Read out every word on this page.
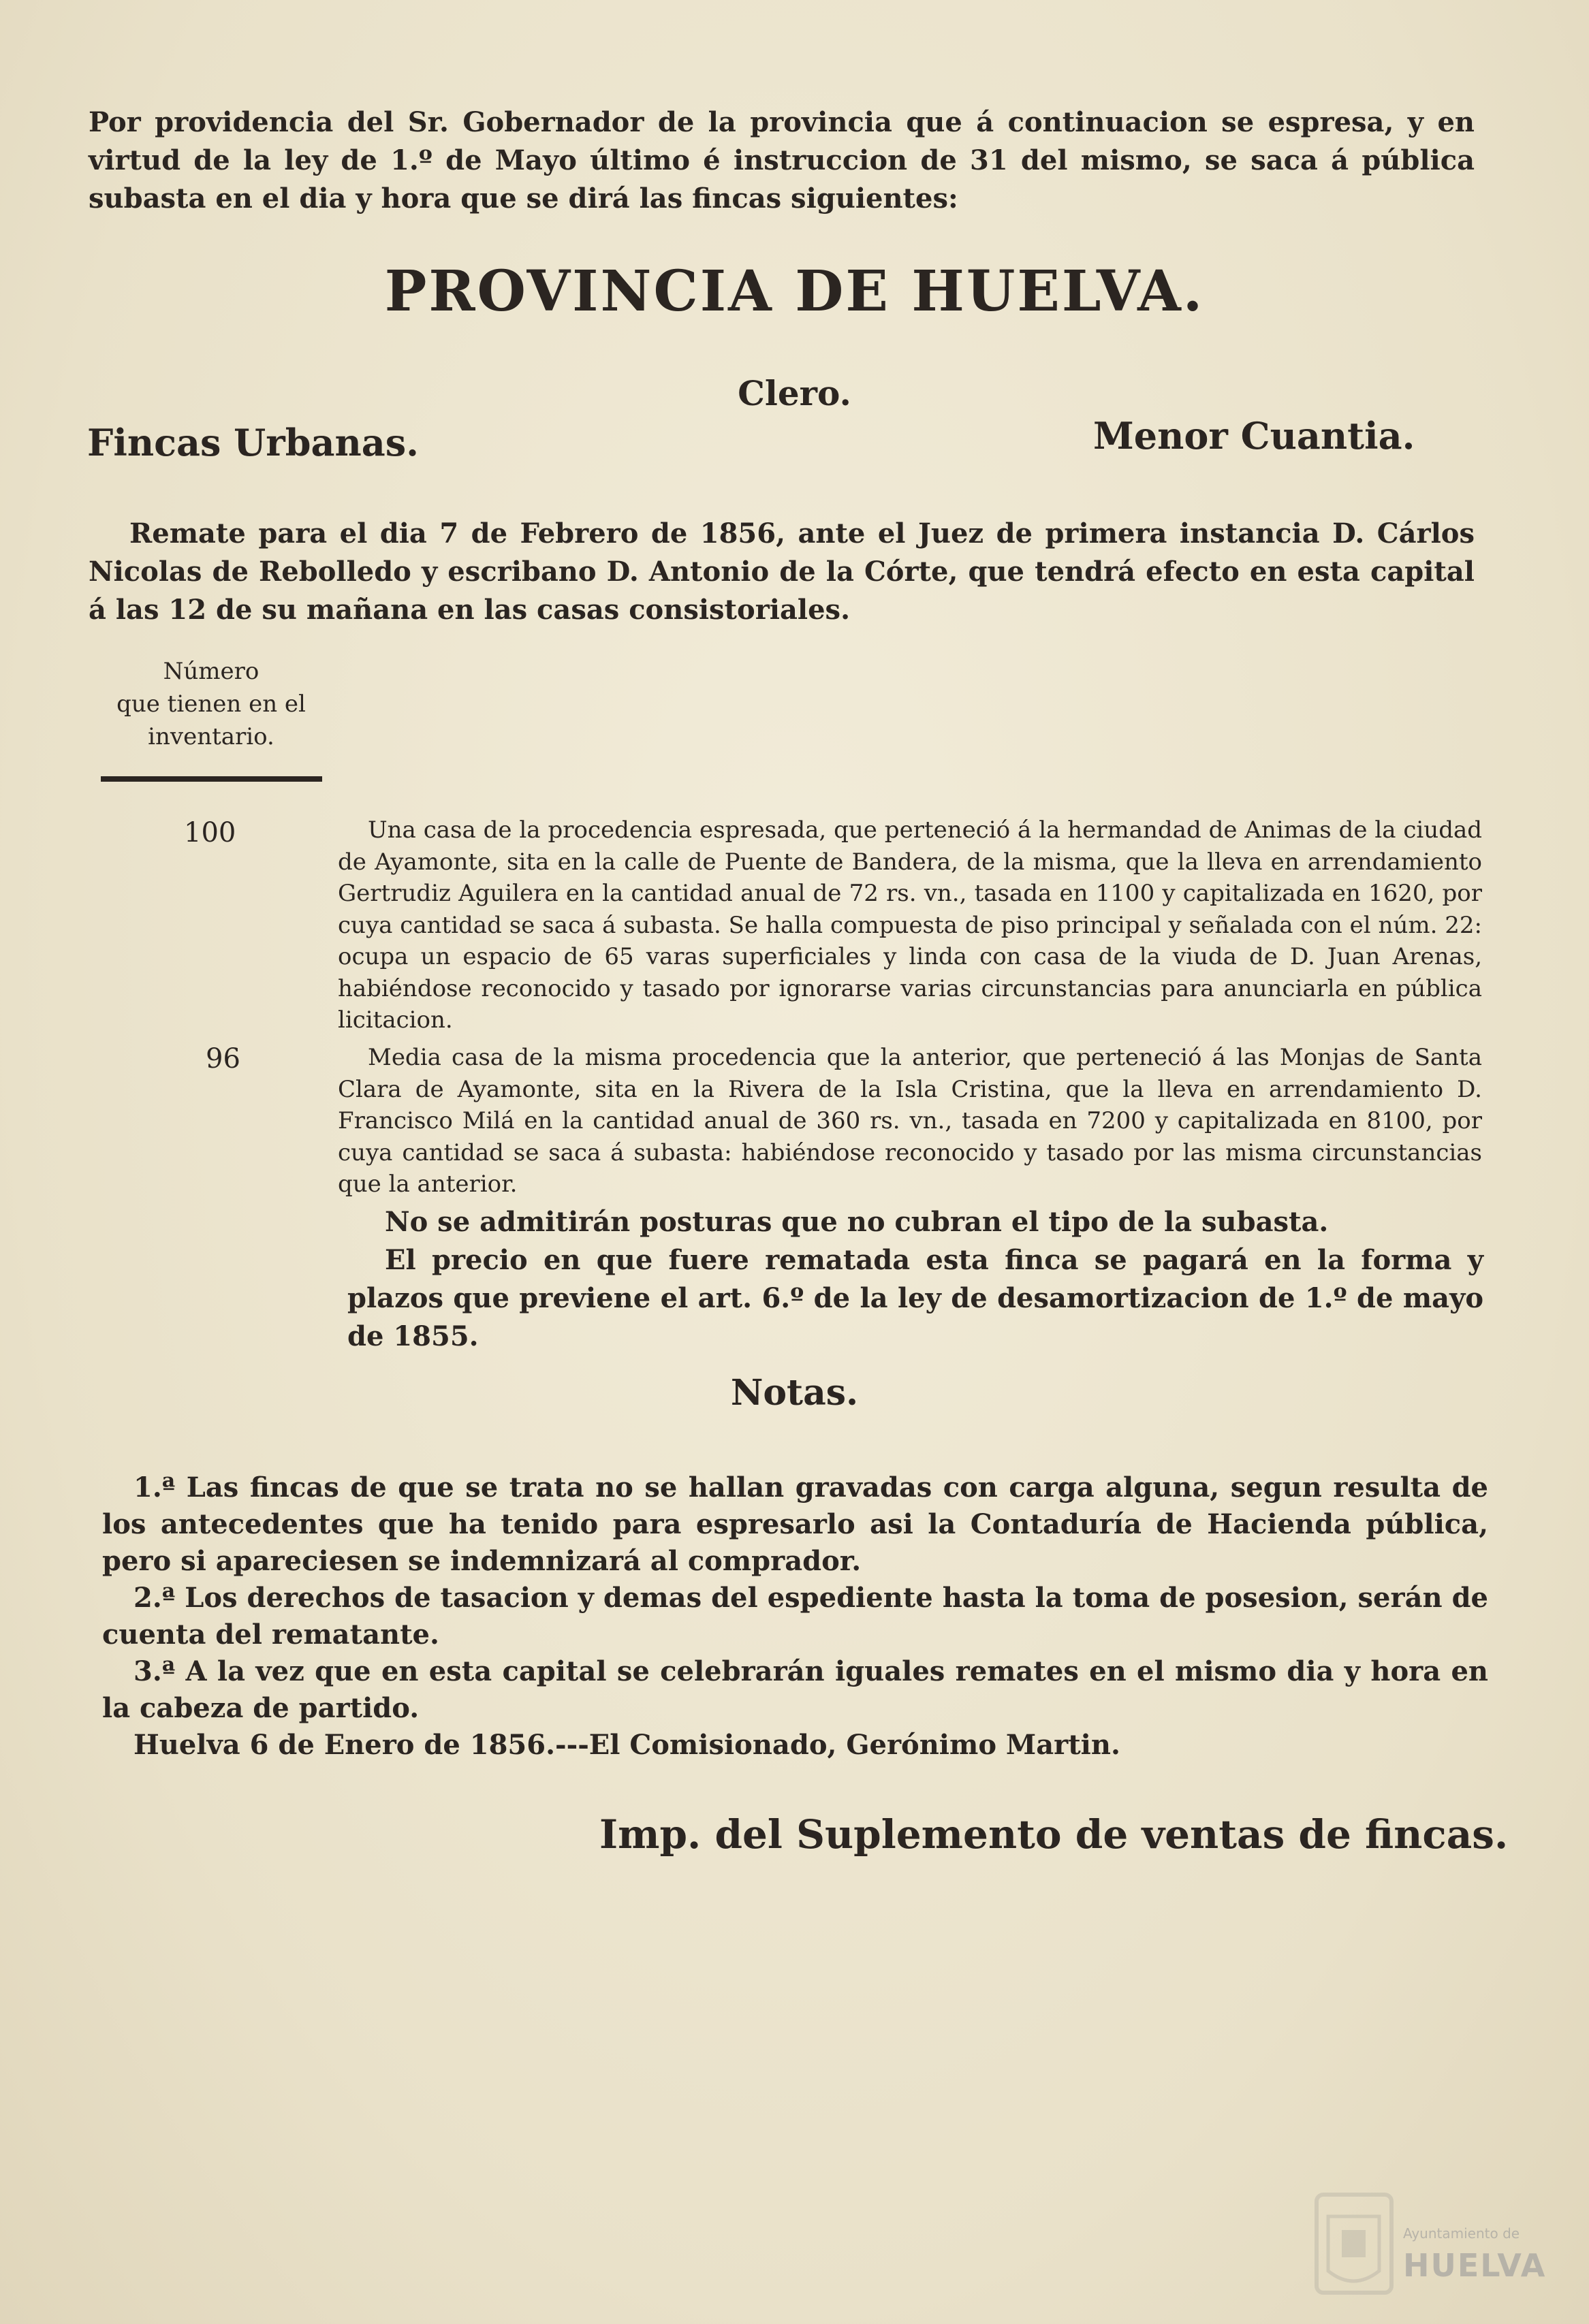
Por providencia del Sr. Gobernador de la provincia que á continuacion se espresa, y en virtud de la ley de 1.º de Mayo último é instruccion de 31 del mismo, se saca á pública subasta en el dia y hora que se dirá las fincas siguientes:
PROVINCIA DE HUELVA.
Clero.
Fincas Urbanas.	Menor Cuantia.
Remate para el dia 7 de Febrero de 1856, ante el Juez de primera instancia D. Cárlos Nicolas de Rebolledo y escribano D. Antonio de la Córte, que tendrá efecto en esta capital á las 12 de su mañana en las casas consistoriales.
Número
que tienen en el
inventario.
100	Una casa de la procedencia espresada, que perteneció á la hermandad de Animas de la ciudad de Ayamonte, sita en la calle de Puente de Bandera, de la misma, que la lleva en arrendamiento Gertrudiz Aguilera en la cantidad anual de 72 rs. vn., tasada en 1100 y capitalizada en 1620, por cuya cantidad se saca á subasta. Se halla compuesta de piso principal y señalada con el núm. 22: ocupa un espacio de 65 varas superficiales y linda con casa de la viuda de D. Juan Arenas, habiéndose reconocido y tasado por ignorarse varias circunstancias para anunciarla en pública licitacion.

96	Media casa de la misma procedencia que la anterior, que perteneció á las Monjas de Santa Clara de Ayamonte, sita en la Rivera de la Isla Cristina, que la lleva en arrendamiento D. Francisco Milá en la cantidad anual de 360 rs. vn., tasada en 7200 y capitalizada en 8100, por cuya cantidad se saca á subasta: habiéndose reconocido y tasado por las misma circunstancias que la anterior.

No se admitirán posturas que no cubran el tipo de la subasta.

El precio en que fuere rematada esta finca se pagará en la forma y plazos que previene el art. 6.º de la ley de desamortizacion de 1.º de mayo de 1855.

Notas.

1.ª Las fincas de que se trata no se hallan gravadas con carga alguna, segun resulta de los antecedentes que ha tenido para espresarlo asi la Contaduría de Hacienda pública, pero si apareciesen se indemnizará al comprador.

2.ª Los derechos de tasacion y demas del espediente hasta la toma de posesion, serán de cuenta del rematante.

3.ª A la vez que en esta capital se celebrarán iguales remates en el mismo dia y hora en la cabeza de partido.

Huelva 6 de Enero de 1856.---El Comisionado, Gerónimo Martin.

Imp. del Suplemento de ventas de fincas.
Ayuntamiento de
HUELVA
